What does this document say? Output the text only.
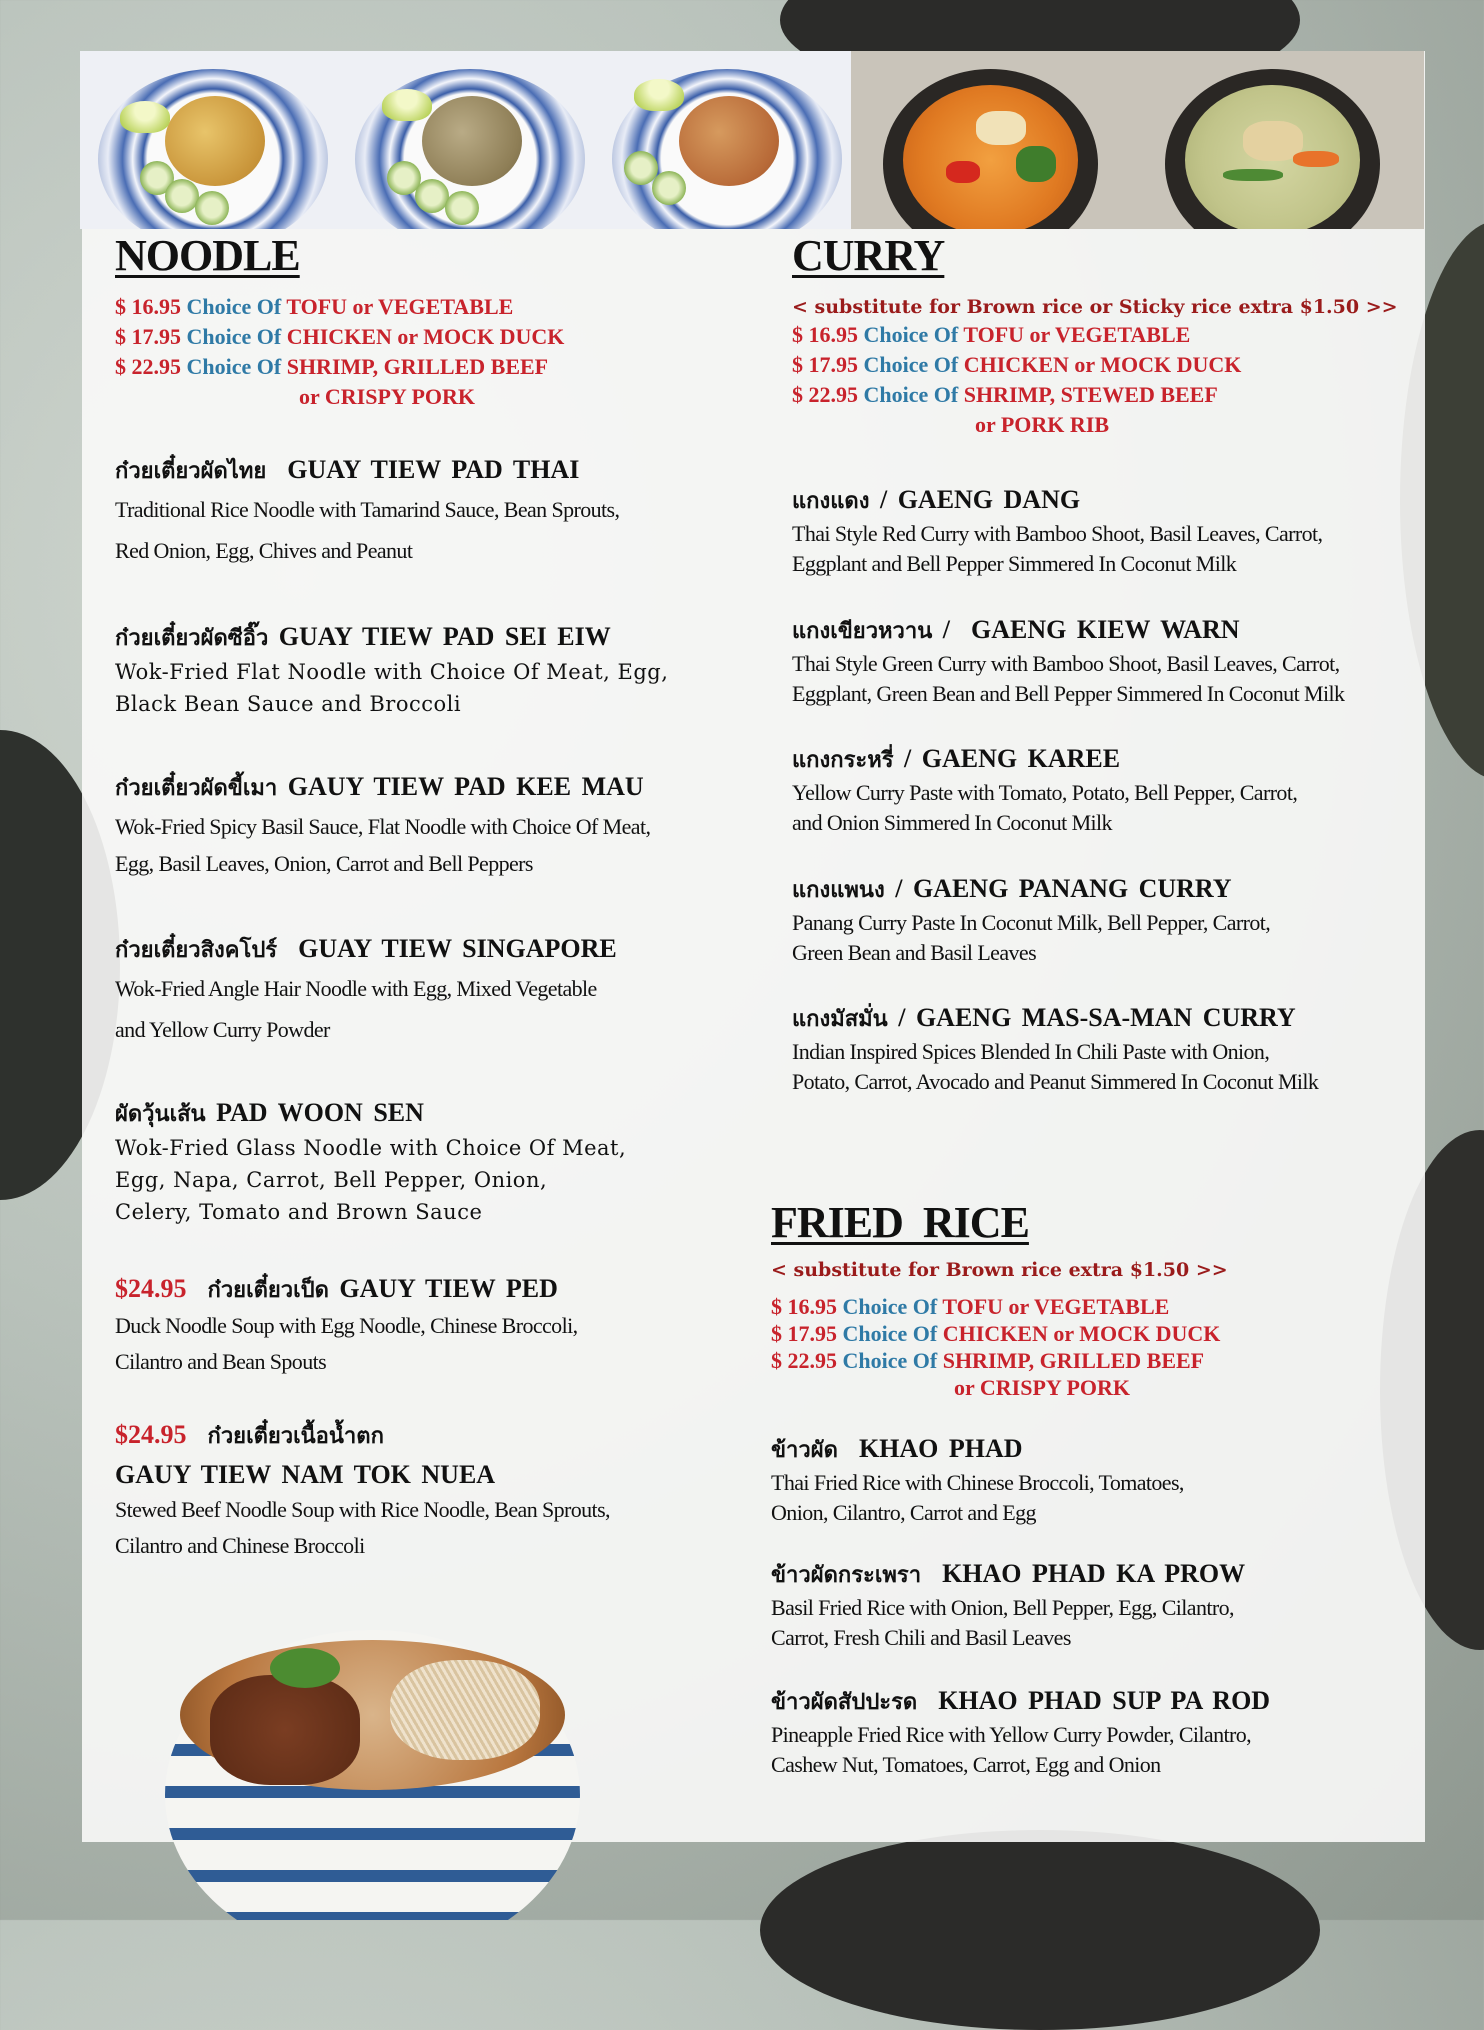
NOODLE
$ 16.95 Choice Of TOFU or VEGETABLE
$ 17.95 Choice Of CHICKEN or MOCK DUCK
$ 22.95 Choice Of SHRIMP, GRILLED BEEF
or CRISPY PORK
ก๋วยเตี๋ยวผัดไทย GUAY TIEW PAD THAI
Traditional Rice Noodle with Tamarind Sauce, Bean Sprouts,
Red Onion, Egg, Chives and Peanut
ก๋วยเตี๋ยวผัดซีอิ๊ว GUAY TIEW PAD SEI EIW
Wok-Fried Flat Noodle with Choice Of Meat, Egg,
Black Bean Sauce and Broccoli
ก๋วยเตี๋ยวผัดขี้เมา GAUY TIEW PAD KEE MAU
Wok-Fried Spicy Basil Sauce, Flat Noodle with Choice Of Meat,
Egg, Basil Leaves, Onion, Carrot and Bell Peppers
ก๋วยเตี๋ยวสิงคโปร์ GUAY TIEW SINGAPORE
Wok-Fried Angle Hair Noodle with Egg, Mixed Vegetable
and Yellow Curry Powder
ผัดวุ้นเส้น PAD WOON SEN
Wok-Fried Glass Noodle with Choice Of Meat,
Egg, Napa, Carrot, Bell Pepper, Onion,
Celery, Tomato and Brown Sauce
$24.95 ก๋วยเตี๋ยวเป็ด GAUY TIEW PED
Duck Noodle Soup with Egg Noodle, Chinese Broccoli,
Cilantro and Bean Spouts
$24.95 ก๋วยเตี๋ยวเนื้อน้ำตก
GAUY TIEW NAM TOK NUEA
Stewed Beef Noodle Soup with Rice Noodle, Bean Sprouts,
Cilantro and Chinese Broccoli
CURRY
< substitute for Brown rice or Sticky rice extra $1.50 >>
$ 16.95 Choice Of TOFU or VEGETABLE
$ 17.95 Choice Of CHICKEN or MOCK DUCK
$ 22.95 Choice Of SHRIMP, STEWED BEEF
or PORK RIB
แกงแดง / GAENG DANG
Thai Style Red Curry with Bamboo Shoot, Basil Leaves, Carrot,
Eggplant and Bell Pepper Simmered In Coconut Milk
แกงเขียวหวาน /  GAENG KIEW WARN
Thai Style Green Curry with Bamboo Shoot, Basil Leaves, Carrot,
Eggplant, Green Bean and Bell Pepper Simmered In Coconut Milk
แกงกระหรี่ / GAENG KAREE
Yellow Curry Paste with Tomato, Potato, Bell Pepper, Carrot,
and Onion Simmered In Coconut Milk
แกงแพนง / GAENG PANANG CURRY
Panang Curry Paste In Coconut Milk, Bell Pepper, Carrot,
Green Bean and Basil Leaves
แกงมัสมั่น / GAENG MAS-SA-MAN CURRY
Indian Inspired Spices Blended In Chili Paste with Onion,
Potato, Carrot, Avocado and Peanut Simmered In Coconut Milk
FRIED RICE
< substitute for Brown rice extra $1.50 >>
$ 16.95 Choice Of TOFU or VEGETABLE
$ 17.95 Choice Of CHICKEN or MOCK DUCK
$ 22.95 Choice Of SHRIMP, GRILLED BEEF
or CRISPY PORK
ข้าวผัด KHAO PHAD
Thai Fried Rice with Chinese Broccoli, Tomatoes,
Onion, Cilantro, Carrot and Egg
ข้าวผัดกระเพรา KHAO PHAD KA PROW
Basil Fried Rice with Onion, Bell Pepper, Egg, Cilantro,
Carrot, Fresh Chili and Basil Leaves
ข้าวผัดสัปปะรด KHAO PHAD SUP PA ROD
Pineapple Fried Rice with Yellow Curry Powder, Cilantro,
Cashew Nut, Tomatoes, Carrot, Egg and Onion
